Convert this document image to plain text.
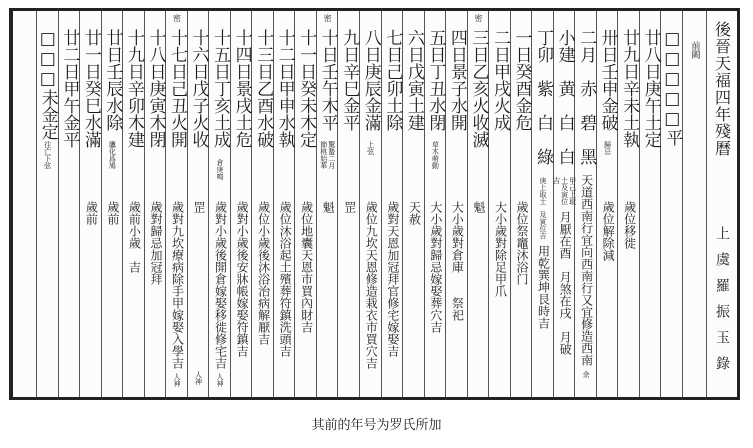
後晉天福四年殘曆
上虞羅振玉錄
前闕
□□□□□平
廿八日庚午土定
廿九日辛未土執
歲位移徙
卅日壬申金破
歸忌
歲位解除減
二月　赤　碧　黑
天道西南行宜向西南行又宜修造西南
余
小建　黄　白　白
甲己上取土及寅位吉
月厭在酉　月煞在戌　月破
丁卯　紫　白　綠
庚上取土
及寅位吉
用乾巽坤艮時吉
一日癸酉金危
歲位祭竈沐浴门
二日甲戌火成
大小歲對除足甲爪
密
三日乙亥火收滅
魁
四日景子水開
大小歲對倉庫　　祭祀
五日丁丑水閉
草木萌動
大小歲對歸忌嫁娶葬穴吉
六日戊寅土建
天赦
七日己卯土除
歲對天恩加冠拜官修宅嫁娶吉
八日庚辰金滿
上弦
歲位九坎天恩修造栽衣市買穴吉
九日辛巳金平
罡
密
十日壬午木平
驚蟄二月節桃始華
魁
十一日癸未木定
歲位地囊天恩市買內財吉
十二日甲申水執
歲位沐浴起土殯葬符鎮洗頭吉
十三日乙酉水破
歲位小歲後沐浴治病解厭吉
十四日景戌土危
歲對小歲後安牀帳嫁娶符鎮吉
十五日丁亥土成
倉庚鳴
歲對小歲後開倉嫁娶移徙修宅吉
人神
十六日戊子火收
罡
人神
密
十七日己丑火開
歲對九坎療病除手甲嫁娶入學吉
人神
十八日庚寅木閉
歲對歸忌加冠拜
十九日辛卯木建
歲前小歲　吉
廿日壬辰水除
鷹化爲鳩
歲前
廿一日癸巳水滿
歲前
廿二日甲午金平
□□□未金定
往亡下弦
其前的年号为罗氏所加
